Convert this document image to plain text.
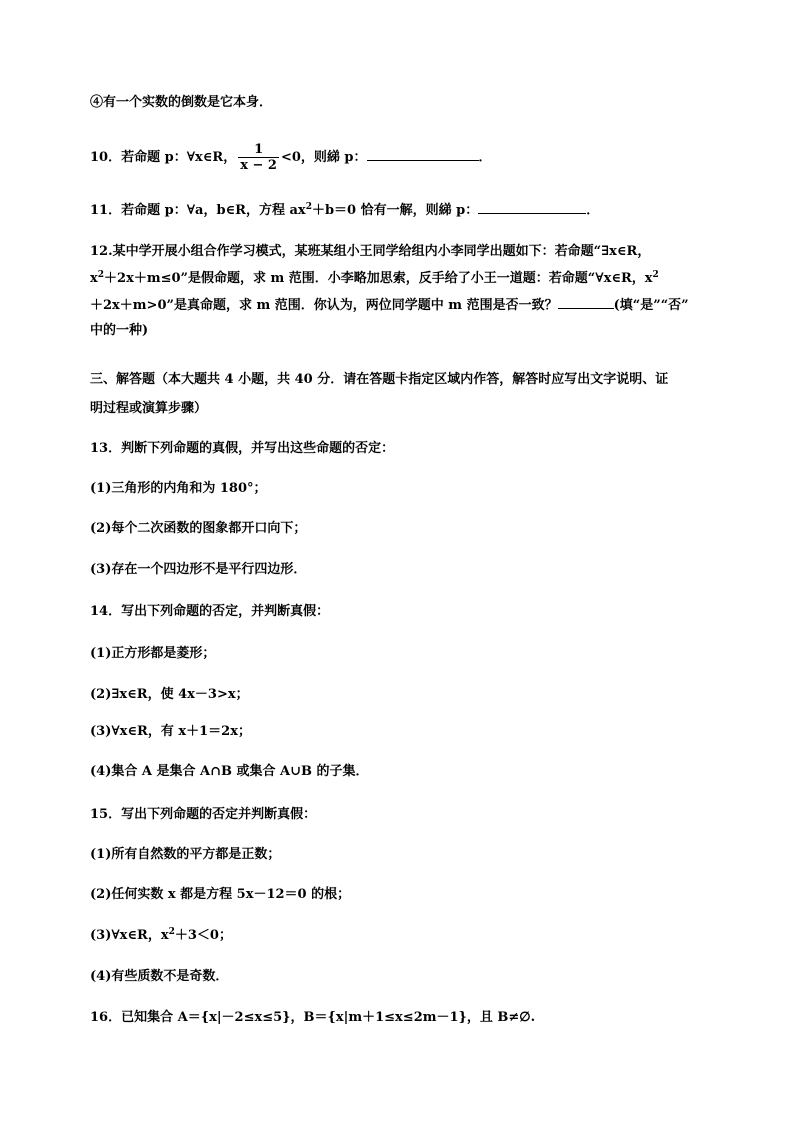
④有一个实数的倒数是它本身．
10．若命题 p：∀x∈R， $\frac{1}{x - 2} <0$，则綈 p：	．
11．若命题 p：∀a，b∈R，方程 $ax^2+b=0$ 恰有一解，则綈 p：	．
12.某中学开展小组合作学习模式，某班某组小王同学给组内小李同学出题如下：若命题“∃x∈R，
$x^2+2x+m\le 0$”是假命题，求 m 范围．小李略加思索，反手给了小王一道题：若命题“∀x∈R，$x^2$
＋2x＋m>0”是真命题，求 m 范围．你认为，两位同学题中 m 范围是否一致？	(填“是”“否”
中的一种)
三、解答题（本大题共 4 小题，共 40 分．请在答题卡指定区域内作答，解答时应写出文字说明、证
明过程或演算步骤）
13．判断下列命题的真假，并写出这些命题的否定：
(1)三角形的内角和为 180°；
(2)每个二次函数的图象都开口向下；
(3)存在一个四边形不是平行四边形．
14．写出下列命题的否定，并判断真假：
(1)正方形都是菱形；
(2)∃x∈R，使 4x－3>x；
(3)∀x∈R，有 x＋1＝2x；
(4)集合 A 是集合 A∩B 或集合 A∪B 的子集．
15．写出下列命题的否定并判断真假：
(1)所有自然数的平方都是正数；
(2)任何实数 x 都是方程 5x－12＝0 的根；
(3)∀x∈R，$x^2+3<0$；
(4)有些质数不是奇数．
16．已知集合 A＝{x|－2≤x≤5}，B＝{x|m＋1≤x≤2m－1}，且 B≠∅.
